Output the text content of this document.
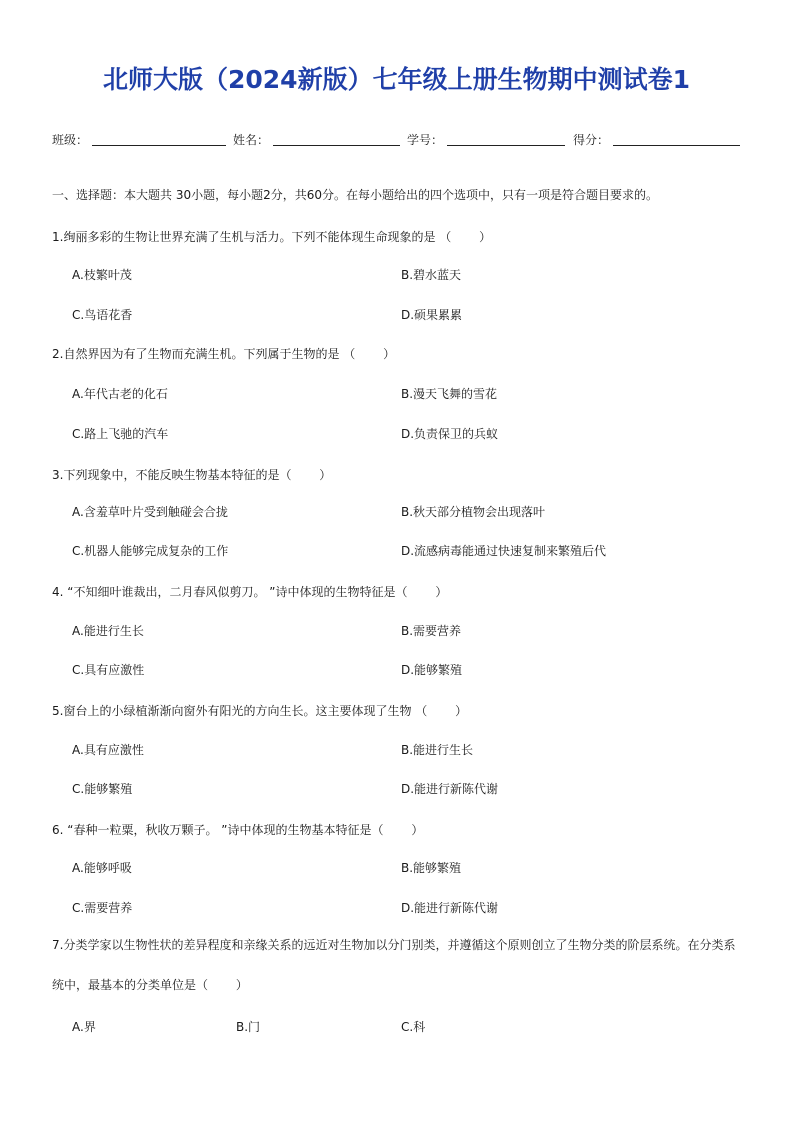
北师大版（2024新版）七年级上册生物期中测试卷1
班级：	姓名：	学号：	得分：
一、选择题：本大题共 30小题，每小题2分，共60分。在每小题给出的四个选项中，只有一项是符合题目要求的。
1.绚丽多彩的生物让世界充满了生机与活力。下列不能体现生命现象的是 （　　 ）
A.枝繁叶茂	B.碧水蓝天
C.鸟语花香	D.硕果累累
2.自然界因为有了生物而充满生机。下列属于生物的是 （　　 ）
A.年代古老的化石	B.漫天飞舞的雪花
C.路上飞驰的汽车	D.负责保卫的兵蚁
3.下列现象中，不能反映生物基本特征的是（　　 ）
A.含羞草叶片受到触碰会合拢	B.秋天部分植物会出现落叶
C.机器人能够完成复杂的工作	D.流感病毒能通过快速复制来繁殖后代
4. “不知细叶谁裁出，二月春风似剪刀。 ”诗中体现的生物特征是（　　 ）
A.能进行生长	B.需要营养
C.具有应激性	D.能够繁殖
5.窗台上的小绿植渐渐向窗外有阳光的方向生长。这主要体现了生物 （　　 ）
A.具有应激性	B.能进行生长
C.能够繁殖	D.能进行新陈代谢
6. “春种一粒粟，秋收万颗子。 ”诗中体现的生物基本特征是（　　 ）
A.能够呼吸	B.能够繁殖
C.需要营养	D.能进行新陈代谢
7.分类学家以生物性状的差异程度和亲缘关系的远近对生物加以分门别类，并遵循这个原则创立了生物分类的阶层系统。在分类系统中，最基本的分类单位是（　　 ）
A.界	B.门	C.科
